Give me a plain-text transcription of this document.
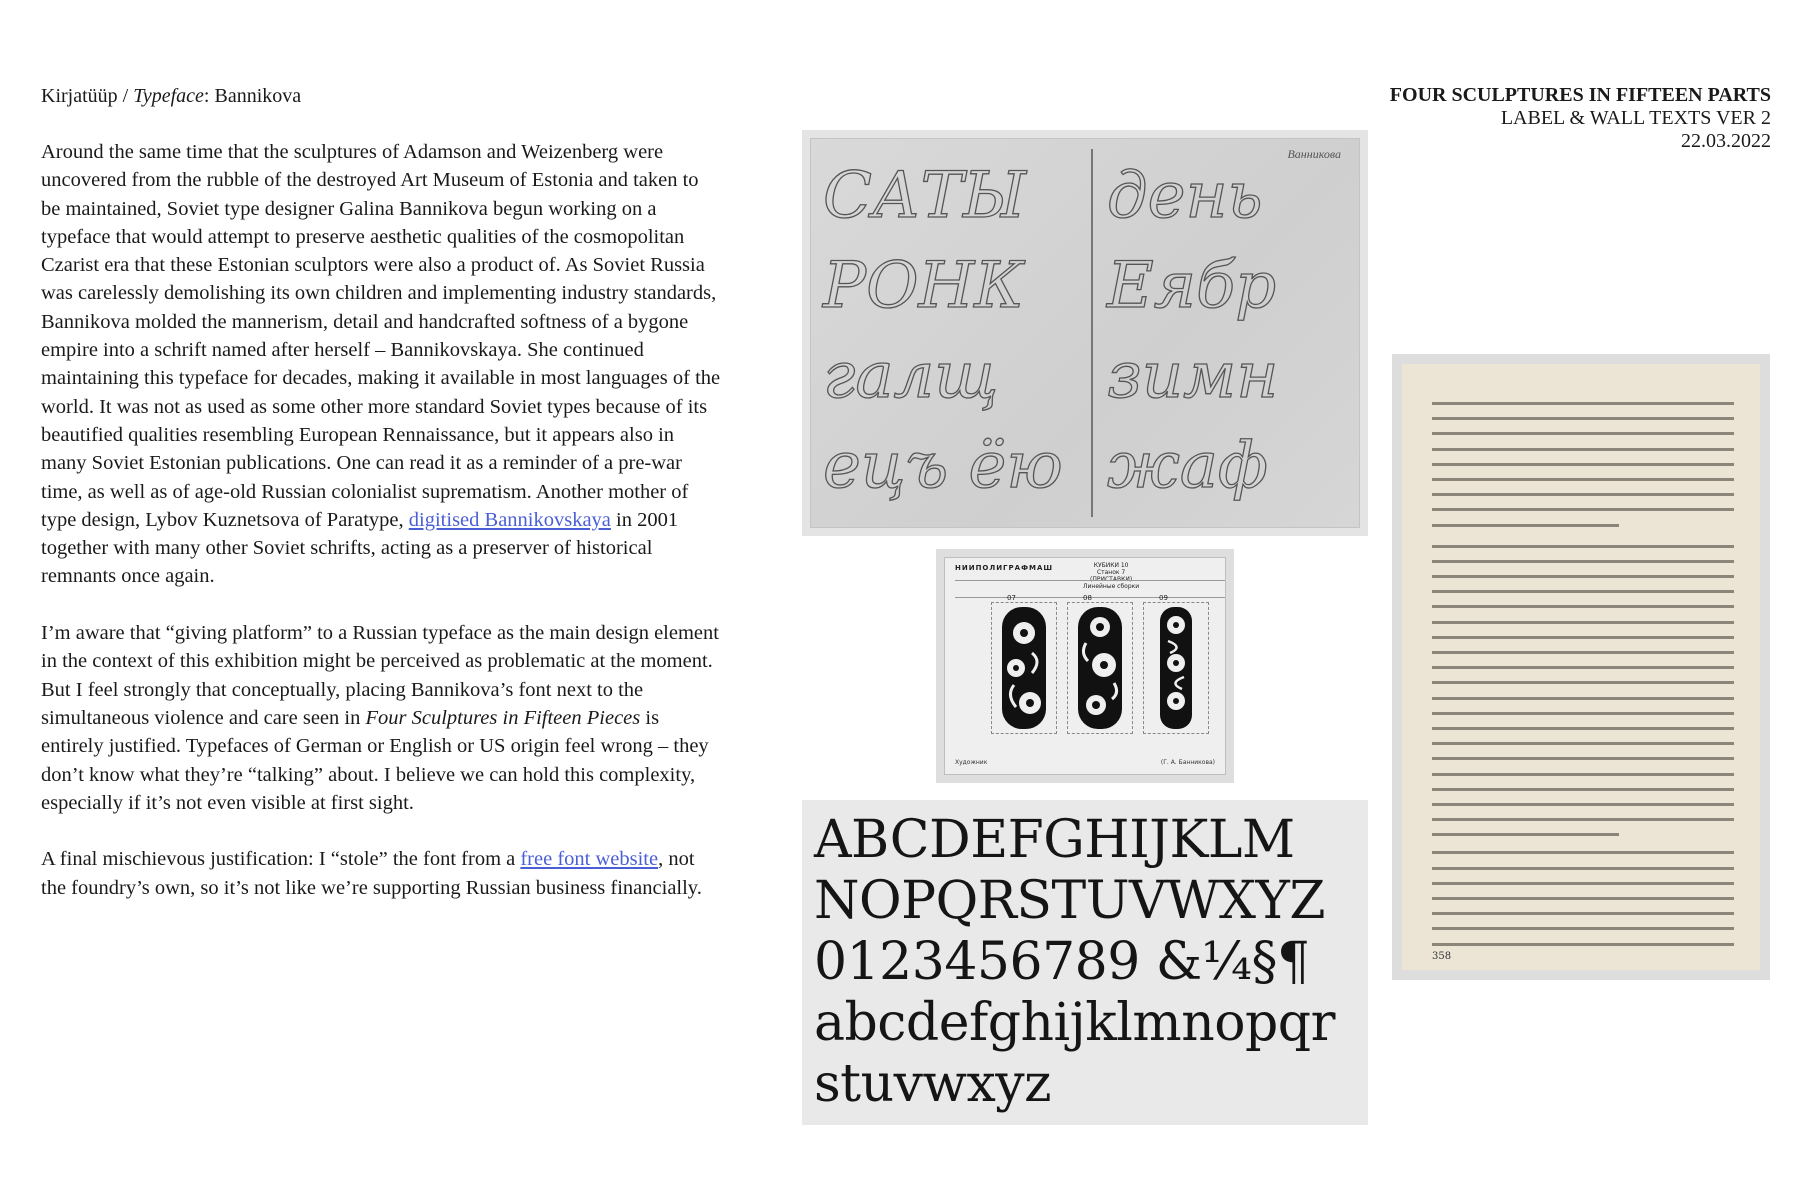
Kirjatüüp / Typeface: Bannikova	FOUR SCULPTURES IN FIFTEEN PARTS
LABEL & WALL TEXTS VER 2
22.03.2022

Around the same time that the sculptures of Adamson and Weizenberg were uncovered from the rubble of the destroyed Art Museum of Estonia and taken to be maintained, Soviet type designer Galina Bannikova begun working on a typeface that would attempt to preserve aesthetic qualities of the cosmopolitan Czarist era that these Estonian sculptors were also a product of. As Soviet Russia was carelessly demolishing its own children and implementing industry standards, Bannikova molded the mannerism, detail and handcrafted softness of a bygone empire into a schrift named after herself – Bannikovskaya. She continued maintaining this typeface for decades, making it available in most languages of the world. It was not as used as some other more standard Soviet types because of its beautified qualities resembling European Rennaissance, but it appears also in many Soviet Estonian publications. One can read it as a reminder of a pre-war time, as well as of age-old Russian colonialist suprematism. Another mother of type design, Lybov Kuznetsova of Paratype, digitised Bannikovskaya in 2001 together with many other Soviet schrifts, acting as a preserver of historical remnants once again.

I’m aware that “giving platform” to a Russian typeface as the main design element in the context of this exhibition might be perceived as problematic at the moment. But I feel strongly that conceptually, placing Bannikova’s font next to the simultaneous violence and care seen in Four Sculptures in Fifteen Pieces is entirely justified. Typefaces of German or English or US origin feel wrong – they don’t know what they’re “talking” about. I believe we can hold this complexity, especially if it’s not even visible at first sight.

A final mischievous justification: I “stole” the font from a free font website, not the foundry’s own, so it’s not like we’re supporting Russian business financially.

Ванникова
САТЫ
РОНК
галщ
ецъ ёю
день
Еябр
зимн
жаф
НИИПОЛИГРАФМАШ	КУБИКИ 10
Станок 7
(ПРИСТАВКИ)
Линейные сборки
07	08	09
Художник	(Г. А. Банникова)
ABCDEFGHIJKLM
NOPQRSTUVWXYZ
0123456789 &¼§¶
abcdefghijklmnopqr
stuvwxyz
358
